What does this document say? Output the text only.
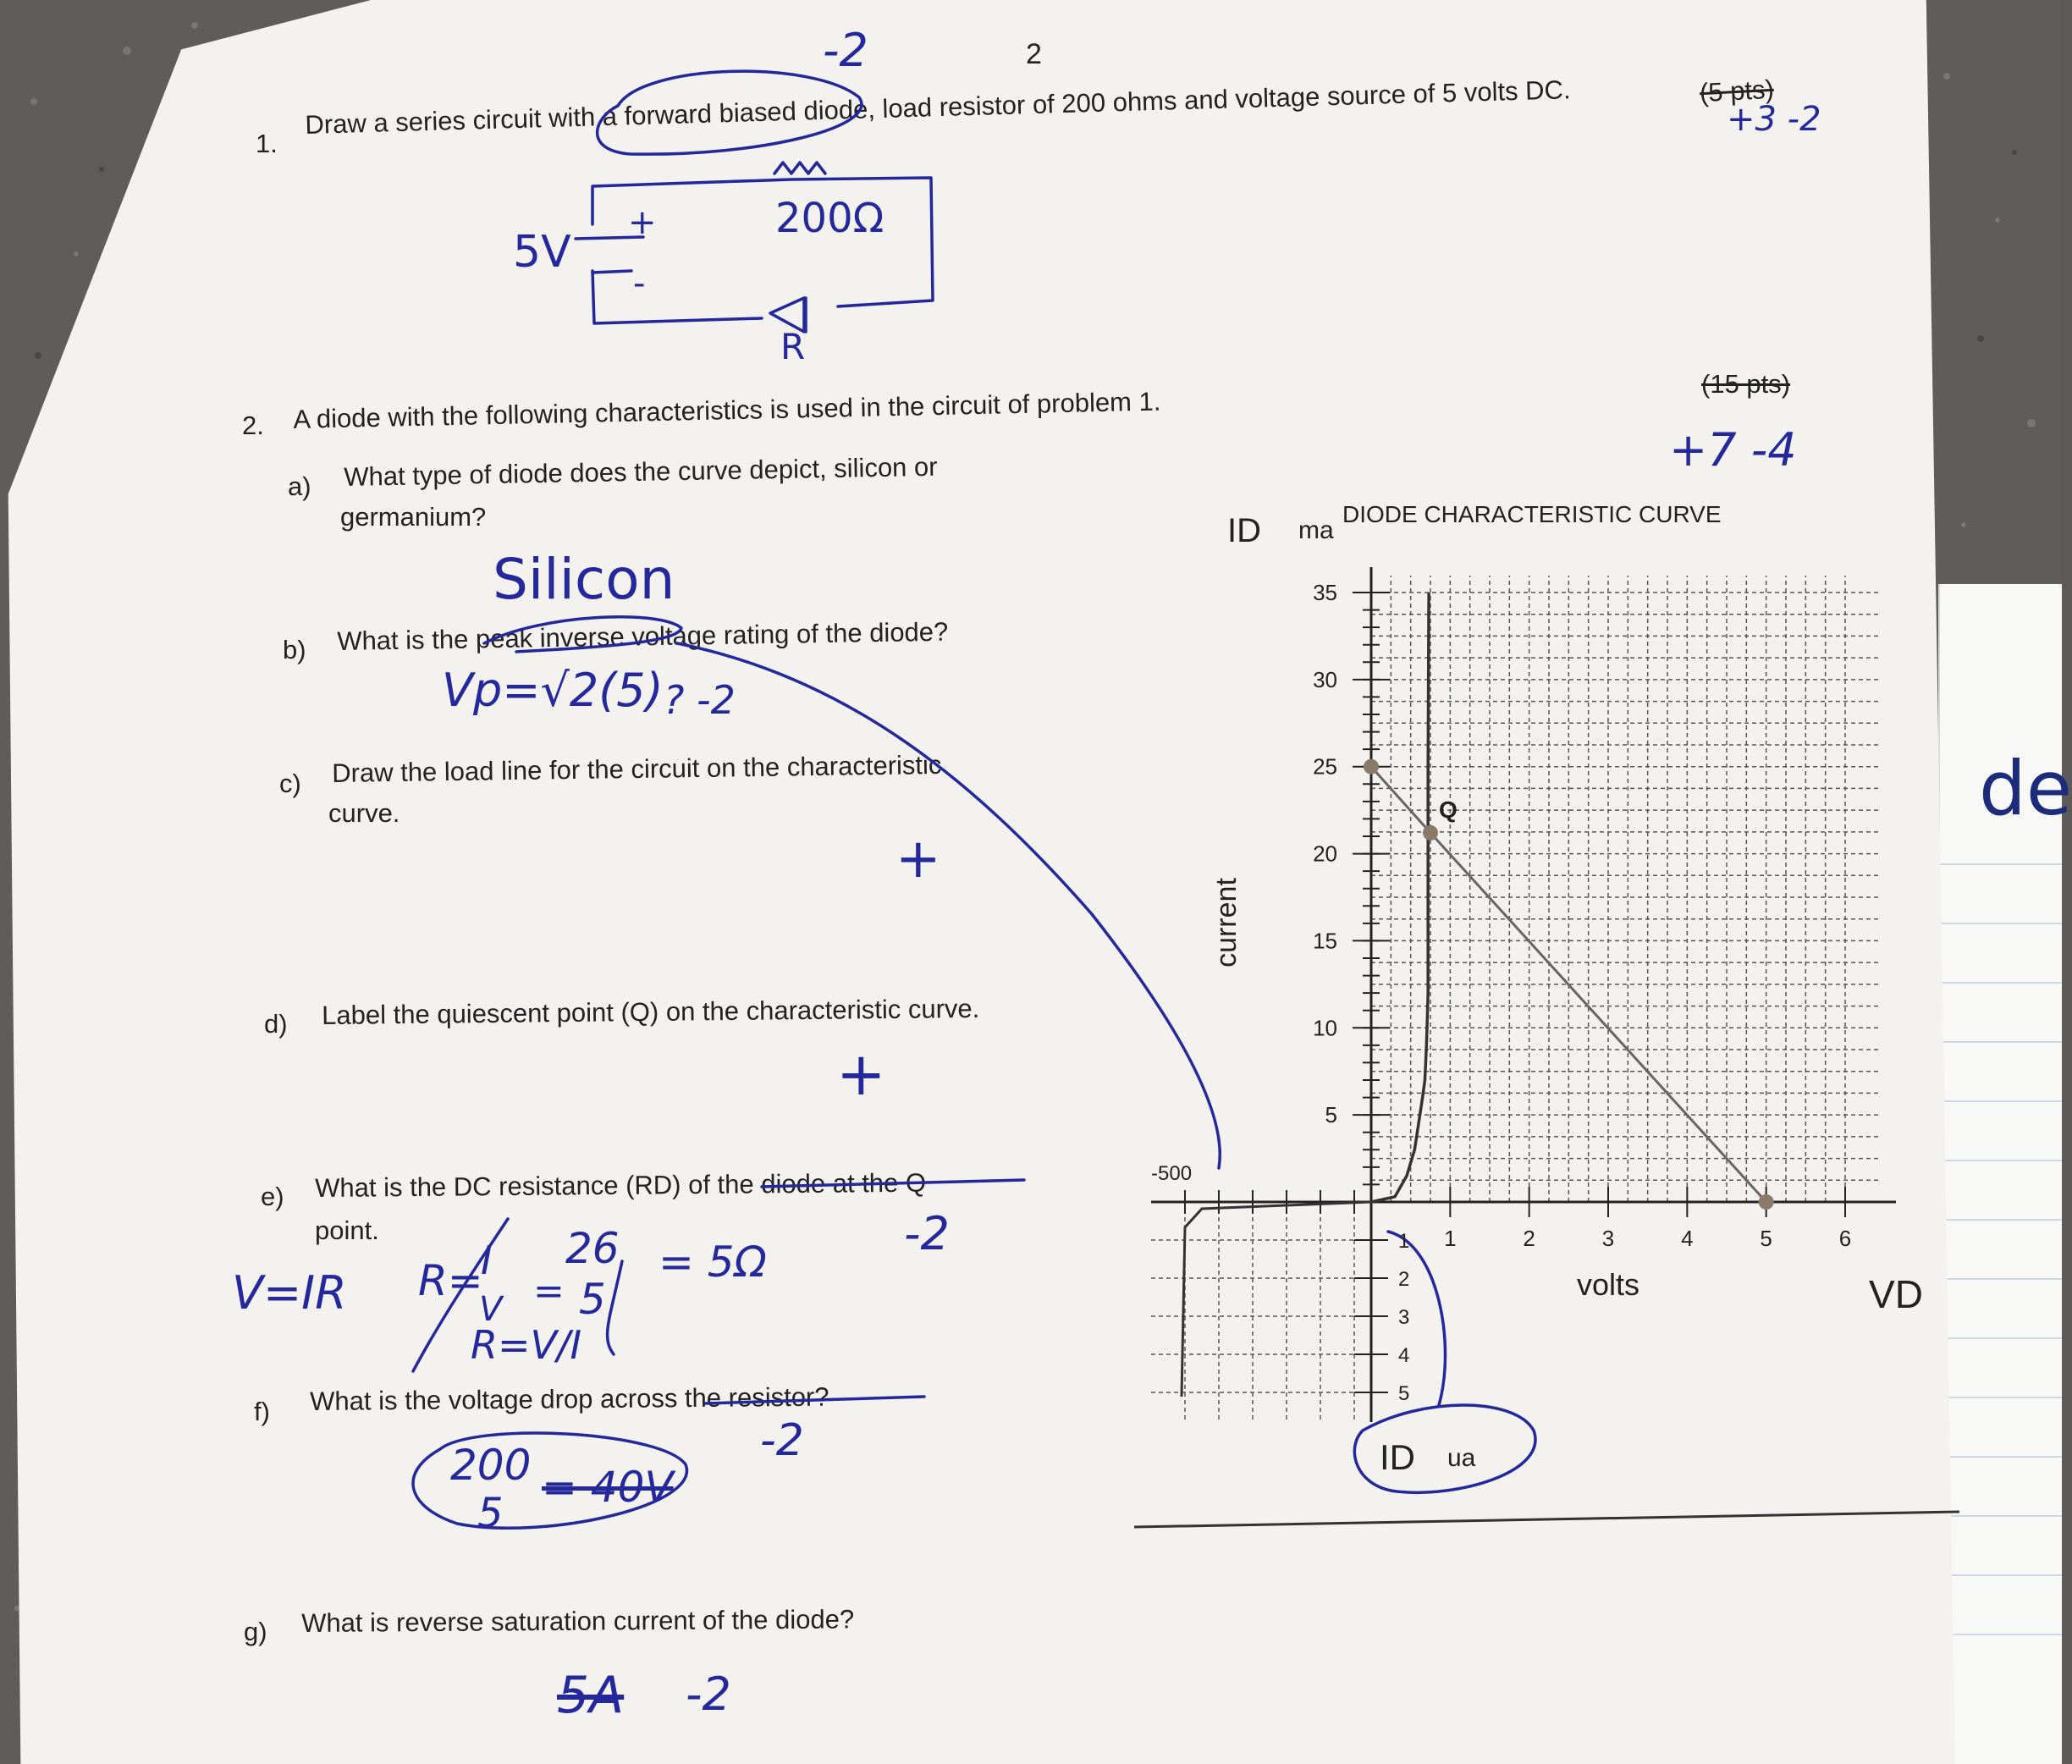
de
2
-2
1.
Draw a series circuit with a forward biased diode, load resistor of 200 ohms and voltage source of 5 volts DC.	(5 pts)
+3 -2
5V
+
-
200Ω
R
2. A diode with the following characteristics is used in the circuit of problem 1.
(15 pts)
+7 -4
a) What type of diode does the curve depict, silicon or
germanium?
Silicon
DIODE CHARACTERISTIC CURVE
b) What is the peak inverse voltage rating of the diode?
Vp=√2(5) ? -2
c) Draw the load line for the circuit on the characteristic
curve.
+
d) Label the quiescent point (Q) on the characteristic curve.
+
e) What is the DC resistance (RD) of the diode at the Q
point.
V=IR R=
I
V =
26
5
= 5Ω
R=V/I
-2
f) What is the voltage drop across the resistor?
200
5
= 40V
-2
g) What is reverse saturation current of the diode?
5A -2
5
10
15
20
25
30
35
1	2	3	4	5	6
1
2
3
4
5
Q
ID ma
current
volts	VD
-500
ID ua
